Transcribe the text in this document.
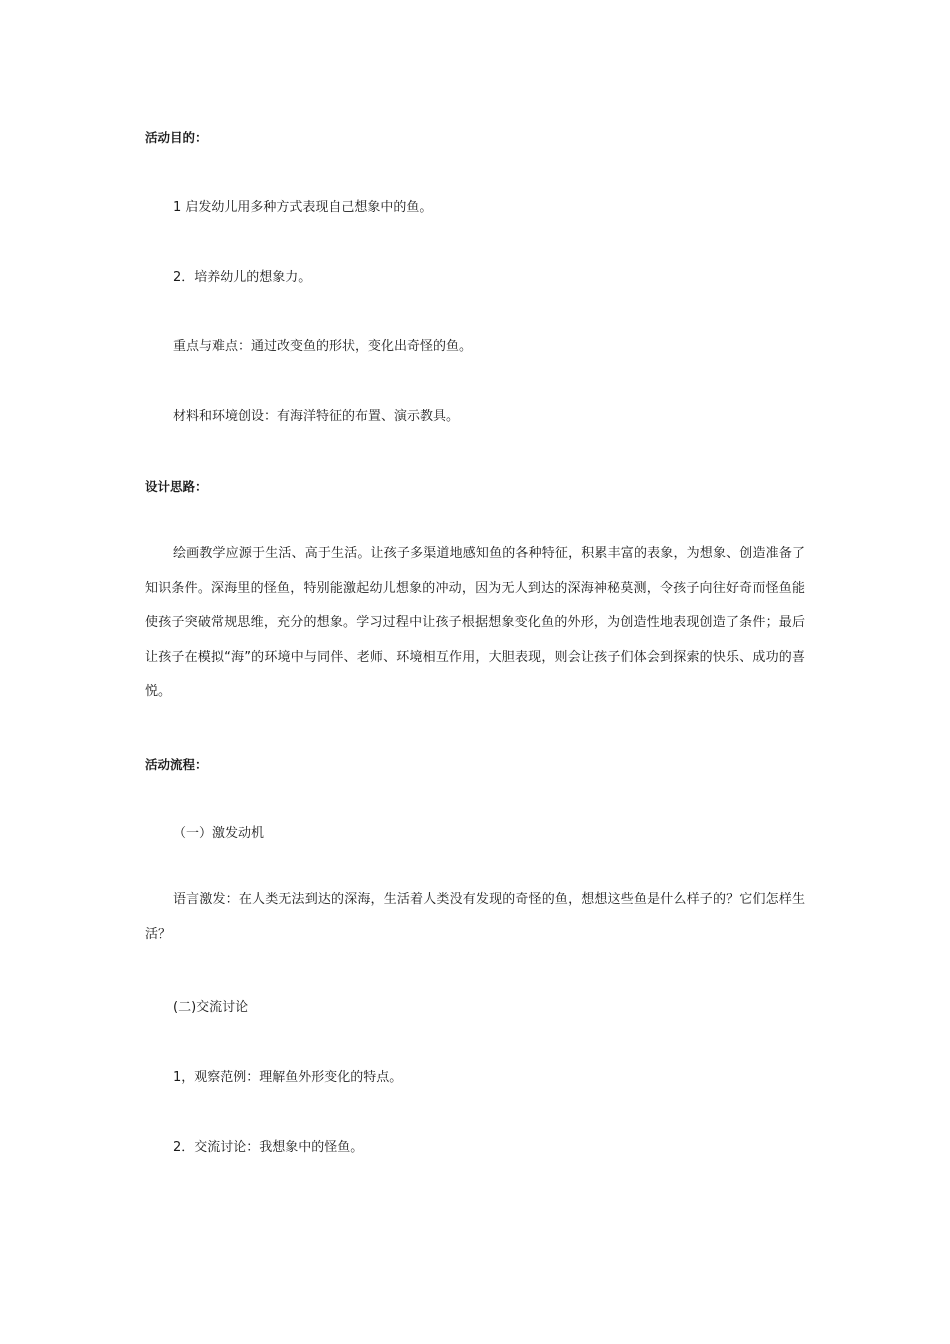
活动目的：

1 启发幼儿用多种方式表现自己想象中的鱼。

2．培养幼儿的想象力。

重点与难点：通过改变鱼的形状，变化出奇怪的鱼。

材料和环境创设：有海洋特征的布置、演示教具。

设计思路：

绘画教学应源于生活、高于生活。让孩子多渠道地感知鱼的各种特征，积累丰富的表象，为想象、创造准备了知识条件。深海里的怪鱼，特别能激起幼儿想象的冲动，因为无人到达的深海神秘莫测，令孩子向往好奇而怪鱼能使孩子突破常规思维，充分的想象。学习过程中让孩子根据想象变化鱼的外形，为创造性地表现创造了条件；最后让孩子在模拟“海”的环境中与同伴、老师、环境相互作用，大胆表现，则会让孩子们体会到探索的快乐、成功的喜悦。

活动流程：

（一）激发动机

语言激发：在人类无法到达的深海，生活着人类没有发现的奇怪的鱼，想想这些鱼是什么样子的？它们怎样生活？

(二)交流讨论

1，观察范例：理解鱼外形变化的特点。

2．交流讨论：我想象中的怪鱼。
